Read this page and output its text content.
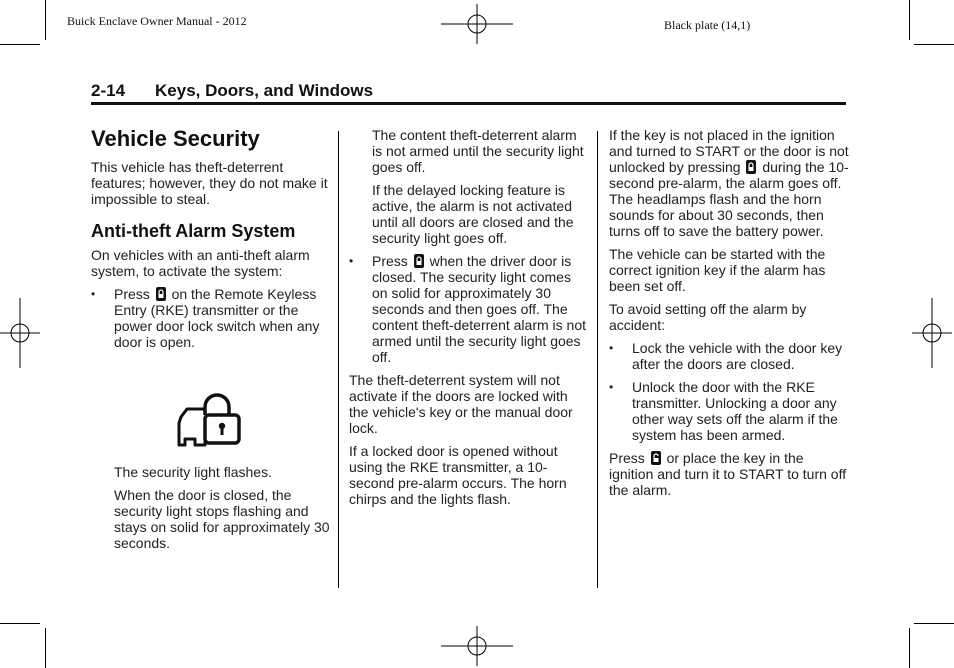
Buick Enclave Owner Manual - 2012	Black plate (14,1)
2-14 Keys, Doors, and Windows
Vehicle Security

This vehicle has theft-deterrent features; however, they do not make it impossible to steal.

Anti-theft Alarm System

On vehicles with an anti-theft alarm system, to activate the system:

• Press on the Remote Keyless Entry (RKE) transmitter or the power door lock switch when any door is open.

The security light flashes.

When the door is closed, the security light stops flashing and stays on solid for approximately 30 seconds.

The content theft-deterrent alarm is not armed until the security light goes off.

If the delayed locking feature is active, the alarm is not activated until all doors are closed and the security light goes off.

• Press when the driver door is closed. The security light comes on solid for approximately 30 seconds and then goes off. The content theft-deterrent alarm is not armed until the security light goes off.

The theft-deterrent system will not activate if the doors are locked with the vehicle's key or the manual door lock.

If a locked door is opened without using the RKE transmitter, a 10-second pre-alarm occurs. The horn chirps and the lights flash.

If the key is not placed in the ignition and turned to START or the door is not unlocked by pressing during the 10-second pre-alarm, the alarm goes off. The headlamps flash and the horn sounds for about 30 seconds, then turns off to save the battery power.

The vehicle can be started with the correct ignition key if the alarm has been set off.

To avoid setting off the alarm by accident:

• Lock the vehicle with the door key after the doors are closed.
• Unlock the door with the RKE transmitter. Unlocking a door any other way sets off the alarm if the system has been armed.

Press or place the key in the ignition and turn it to START to turn off the alarm.
